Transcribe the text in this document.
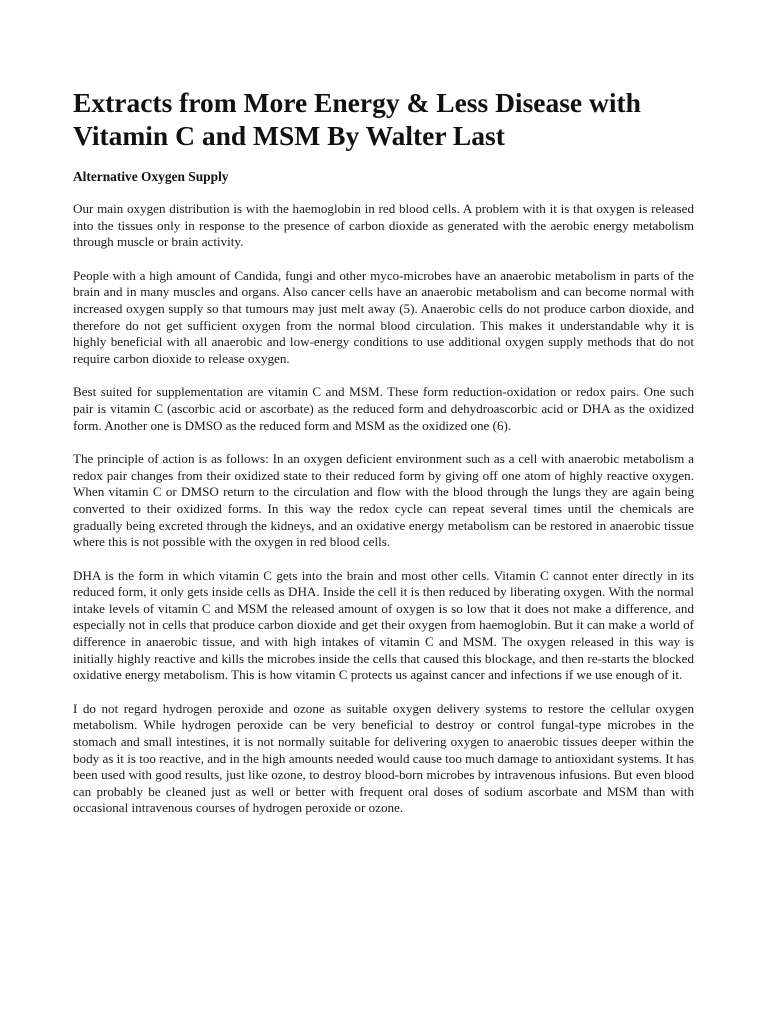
Extracts from More Energy & Less Disease with Vitamin C and MSM By Walter Last
Alternative Oxygen Supply

Our main oxygen distribution is with the haemoglobin in red blood cells. A problem with it is that oxygen is released into the tissues only in response to the presence of carbon dioxide as generated with the aerobic energy metabolism through muscle or brain activity.

People with a high amount of Candida, fungi and other myco-microbes have an anaerobic metabolism in parts of the brain and in many muscles and organs. Also cancer cells have an anaerobic metabolism and can become normal with increased oxygen supply so that tumours may just melt away (5). Anaerobic cells do not produce carbon dioxide, and therefore do not get sufficient oxygen from the normal blood circulation. This makes it understandable why it is highly beneficial with all anaerobic and low-energy conditions to use additional oxygen supply methods that do not require carbon dioxide to release oxygen.

Best suited for supplementation are vitamin C and MSM. These form reduction-oxidation or redox pairs. One such pair is vitamin C (ascorbic acid or ascorbate) as the reduced form and dehydroascorbic acid or DHA as the oxidized form. Another one is DMSO as the reduced form and MSM as the oxidized one (6).

The principle of action is as follows: In an oxygen deficient environment such as a cell with anaerobic metabolism a redox pair changes from their oxidized state to their reduced form by giving off one atom of highly reactive oxygen. When vitamin C or DMSO return to the circulation and flow with the blood through the lungs they are again being converted to their oxidized forms. In this way the redox cycle can repeat several times until the chemicals are gradually being excreted through the kidneys, and an oxidative energy metabolism can be restored in anaerobic tissue where this is not possible with the oxygen in red blood cells.

DHA is the form in which vitamin C gets into the brain and most other cells. Vitamin C cannot enter directly in its reduced form, it only gets inside cells as DHA. Inside the cell it is then reduced by liberating oxygen. With the normal intake levels of vitamin C and MSM the released amount of oxygen is so low that it does not make a difference, and especially not in cells that produce carbon dioxide and get their oxygen from haemoglobin. But it can make a world of difference in anaerobic tissue, and with high intakes of vitamin C and MSM. The oxygen released in this way is initially highly reactive and kills the microbes inside the cells that caused this blockage, and then re-starts the blocked oxidative energy metabolism. This is how vitamin C protects us against cancer and infections if we use enough of it.

I do not regard hydrogen peroxide and ozone as suitable oxygen delivery systems to restore the cellular oxygen metabolism. While hydrogen peroxide can be very beneficial to destroy or control fungal-type microbes in the stomach and small intestines, it is not normally suitable for delivering oxygen to anaerobic tissues deeper within the body as it is too reactive, and in the high amounts needed would cause too much damage to antioxidant systems. It has been used with good results, just like ozone, to destroy blood-born microbes by intravenous infusions. But even blood can probably be cleaned just as well or better with frequent oral doses of sodium ascorbate and MSM than with occasional intravenous courses of hydrogen peroxide or ozone.
